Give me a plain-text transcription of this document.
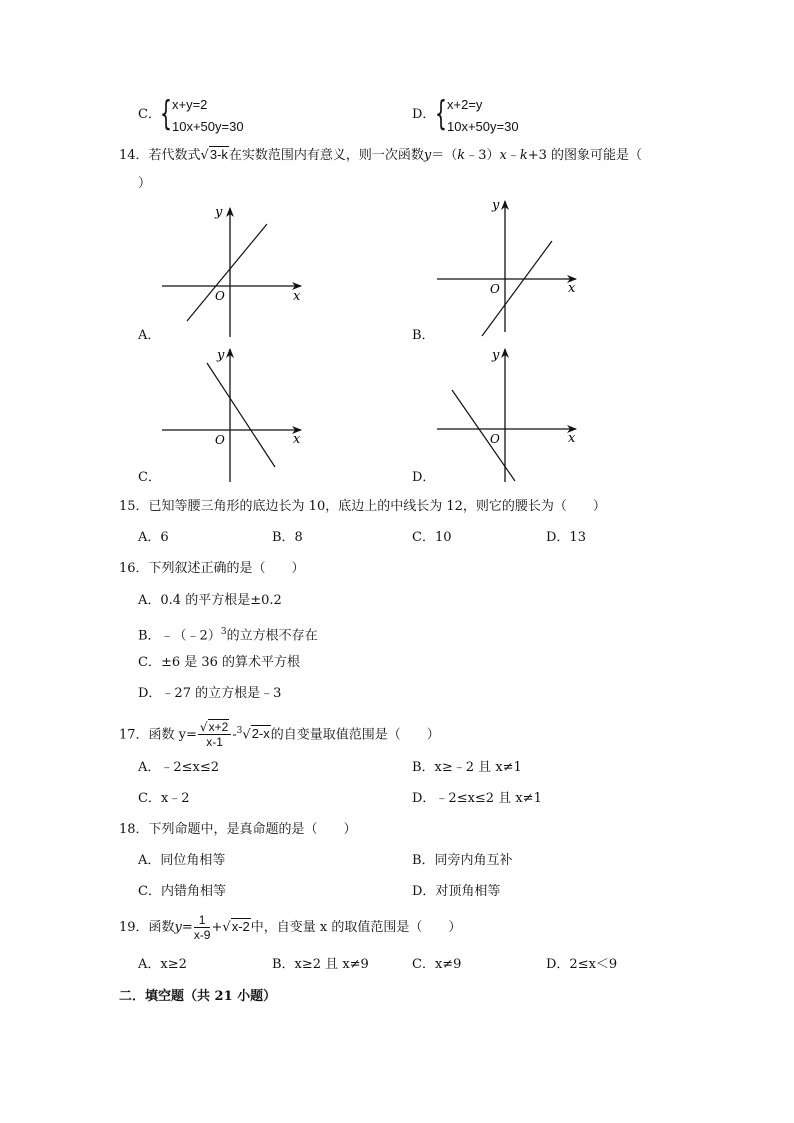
C． { x+y=2
10x+50y=30
D． { x+2=y
10x+50y=30
14．若代数式√3-k在实数范围内有意义，则一次函数y＝（k﹣3）x﹣k+3 的图象可能是（
）
x
y
O
A．
x
y
O
B．
x
y
O
C．
x
y
O
D．
15．已知等腰三角形的底边长为 10，底边上的中线长为 12，则它的腰长为（　　）
A．6	B．8	C．10	D．13
16．下列叙述正确的是（　　）
A．0.4 的平方根是±0.2
B．﹣（﹣2）$^3$的立方根不存在
C．±6 是 36 的算术平方根
D．﹣27 的立方根是﹣3
17．函数 $y= \frac{√x+2}{x-1} -^3√2-x$的自变量取值范围是（　　）
A．﹣2≤x≤2	B．x≥﹣2 且 x≠1
C．x﹣2	D．﹣2≤x≤2 且 x≠1
18．下列命题中，是真命题的是（　　）
A．同位角相等	B．同旁内角互补
C．内错角相等	D．对顶角相等
19．函数$y= \frac{1}{x-9} +√x-2$中，自变量 x 的取值范围是（　　）
A．x≥2	B．x≥2 且 x≠9	C．x≠9	D．2≤x＜9
二．填空题（共 21 小题）
